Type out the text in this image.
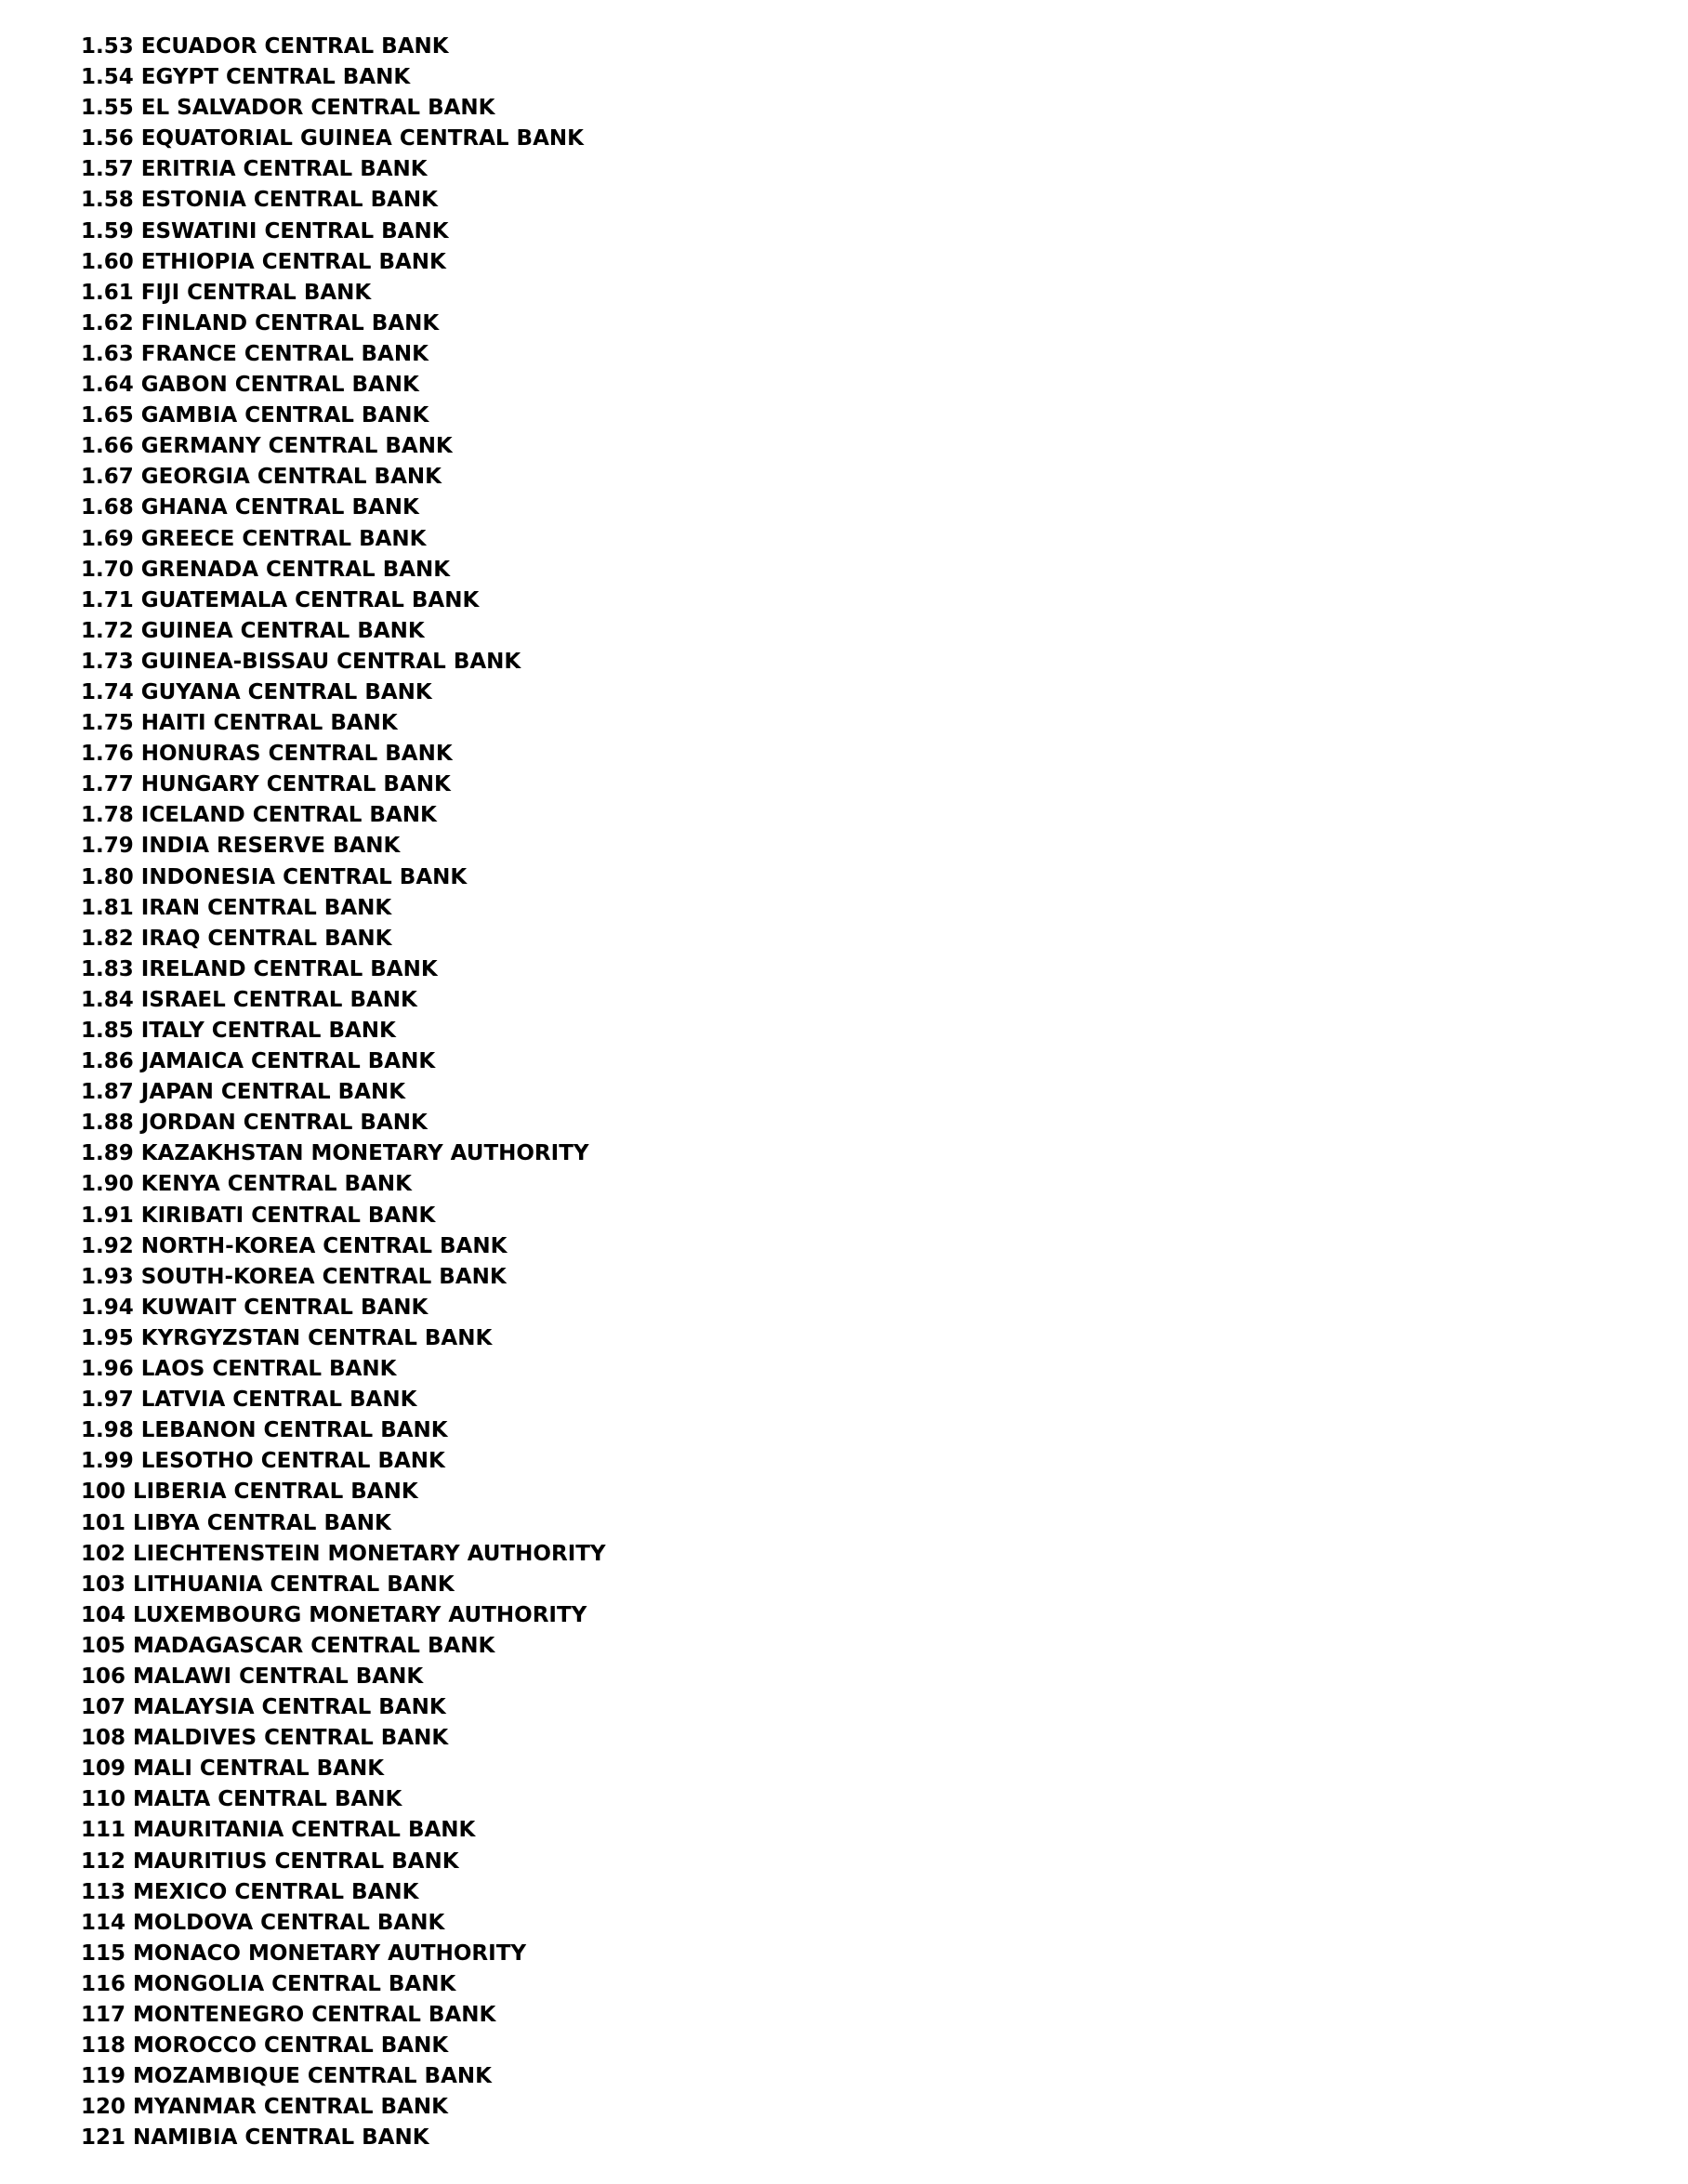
1.53 ECUADOR CENTRAL BANK
1.54 EGYPT CENTRAL BANK
1.55 EL SALVADOR CENTRAL BANK
1.56 EQUATORIAL GUINEA CENTRAL BANK
1.57 ERITRIA CENTRAL BANK
1.58 ESTONIA CENTRAL BANK
1.59 ESWATINI CENTRAL BANK
1.60 ETHIOPIA CENTRAL BANK
1.61 FIJI CENTRAL BANK
1.62 FINLAND CENTRAL BANK
1.63 FRANCE CENTRAL BANK
1.64 GABON CENTRAL BANK
1.65 GAMBIA CENTRAL BANK
1.66 GERMANY CENTRAL BANK
1.67 GEORGIA CENTRAL BANK
1.68 GHANA CENTRAL BANK
1.69 GREECE CENTRAL BANK
1.70 GRENADA CENTRAL BANK
1.71 GUATEMALA CENTRAL BANK
1.72 GUINEA CENTRAL BANK
1.73 GUINEA-BISSAU CENTRAL BANK
1.74 GUYANA CENTRAL BANK
1.75 HAITI CENTRAL BANK
1.76 HONURAS CENTRAL BANK
1.77 HUNGARY CENTRAL BANK
1.78 ICELAND CENTRAL BANK
1.79 INDIA RESERVE BANK
1.80 INDONESIA CENTRAL BANK
1.81 IRAN CENTRAL BANK
1.82 IRAQ CENTRAL BANK
1.83 IRELAND CENTRAL BANK
1.84 ISRAEL CENTRAL BANK
1.85 ITALY CENTRAL BANK
1.86 JAMAICA CENTRAL BANK
1.87 JAPAN CENTRAL BANK
1.88 JORDAN CENTRAL BANK
1.89 KAZAKHSTAN MONETARY AUTHORITY
1.90 KENYA CENTRAL BANK
1.91 KIRIBATI CENTRAL BANK
1.92 NORTH-KOREA CENTRAL BANK
1.93 SOUTH-KOREA CENTRAL BANK
1.94 KUWAIT CENTRAL BANK
1.95 KYRGYZSTAN CENTRAL BANK
1.96 LAOS CENTRAL BANK
1.97 LATVIA CENTRAL BANK
1.98 LEBANON CENTRAL BANK
1.99 LESOTHO CENTRAL BANK
100 LIBERIA CENTRAL BANK
101 LIBYA CENTRAL BANK
102 LIECHTENSTEIN MONETARY AUTHORITY
103 LITHUANIA CENTRAL BANK
104 LUXEMBOURG MONETARY AUTHORITY
105 MADAGASCAR CENTRAL BANK
106 MALAWI CENTRAL BANK
107 MALAYSIA CENTRAL BANK
108 MALDIVES CENTRAL BANK
109 MALI CENTRAL BANK
110 MALTA CENTRAL BANK
111 MAURITANIA CENTRAL BANK
112 MAURITIUS CENTRAL BANK
113 MEXICO CENTRAL BANK
114 MOLDOVA CENTRAL BANK
115 MONACO MONETARY AUTHORITY
116 MONGOLIA CENTRAL BANK
117 MONTENEGRO CENTRAL BANK
118 MOROCCO CENTRAL BANK
119 MOZAMBIQUE CENTRAL BANK
120 MYANMAR CENTRAL BANK
121 NAMIBIA CENTRAL BANK
